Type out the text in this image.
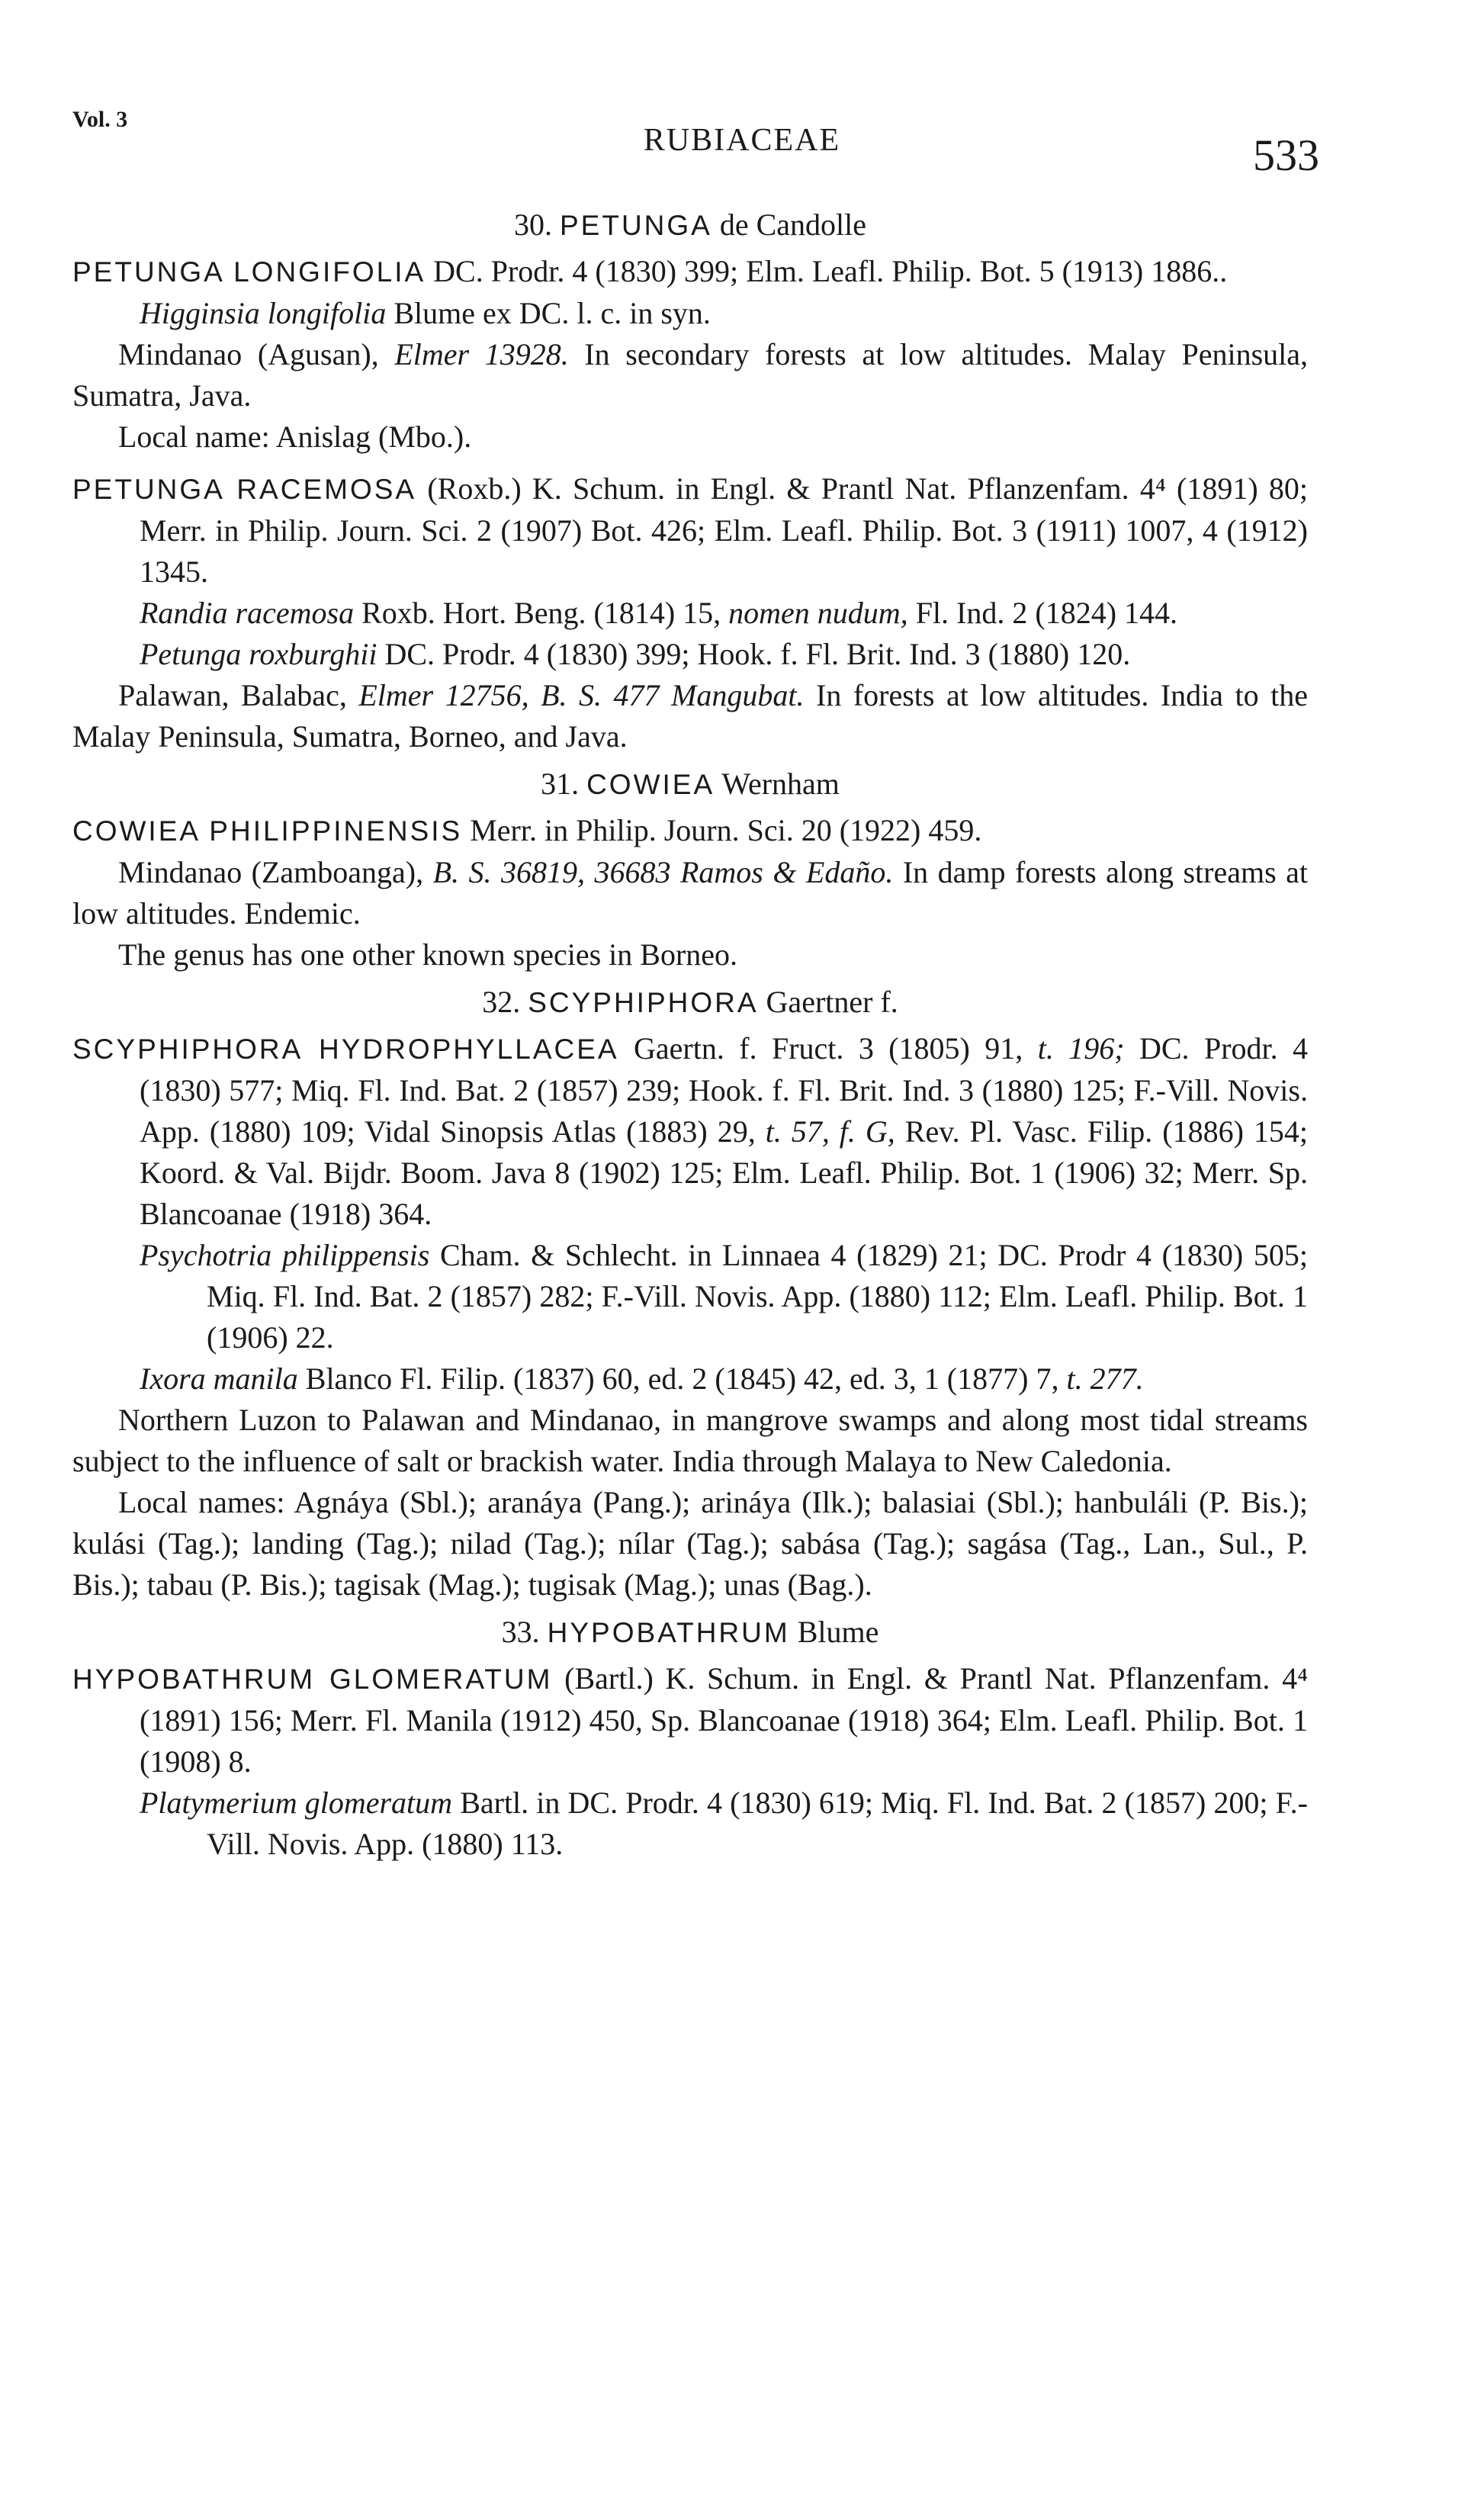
Vol. 3
RUBIACEAE	533
30. PETUNGA de Candolle
PETUNGA LONGIFOLIA DC. Prodr. 4 (1830) 399; Elm. Leafl. Philip. Bot. 5 (1913) 1886..
Higginsia longifolia Blume ex DC. l. c. in syn.
Mindanao (Agusan), Elmer 13928. In secondary forests at low altitudes. Malay Peninsula, Sumatra, Java.
Local name: Anislag (Mbo.).
PETUNGA RACEMOSA (Roxb.) K. Schum. in Engl. & Prantl Nat. Pflanzenfam. 4⁴ (1891) 80; Merr. in Philip. Journ. Sci. 2 (1907) Bot. 426; Elm. Leafl. Philip. Bot. 3 (1911) 1007, 4 (1912) 1345.
Randia racemosa Roxb. Hort. Beng. (1814) 15, nomen nudum, Fl. Ind. 2 (1824) 144.
Petunga roxburghii DC. Prodr. 4 (1830) 399; Hook. f. Fl. Brit. Ind. 3 (1880) 120.
Palawan, Balabac, Elmer 12756, B. S. 477 Mangubat. In forests at low altitudes. India to the Malay Peninsula, Sumatra, Borneo, and Java.
31. COWIEA Wernham
COWIEA PHILIPPINENSIS Merr. in Philip. Journ. Sci. 20 (1922) 459.
Mindanao (Zamboanga), B. S. 36819, 36683 Ramos & Edaño. In damp forests along streams at low altitudes. Endemic.
The genus has one other known species in Borneo.
32. SCYPHIPHORA Gaertner f.
SCYPHIPHORA HYDROPHYLLACEA Gaertn. f. Fruct. 3 (1805) 91, t. 196; DC. Prodr. 4 (1830) 577; Miq. Fl. Ind. Bat. 2 (1857) 239; Hook. f. Fl. Brit. Ind. 3 (1880) 125; F.-Vill. Novis. App. (1880) 109; Vidal Sinopsis Atlas (1883) 29, t. 57, f. G, Rev. Pl. Vasc. Filip. (1886) 154; Koord. & Val. Bijdr. Boom. Java 8 (1902) 125; Elm. Leafl. Philip. Bot. 1 (1906) 32; Merr. Sp. Blancoanae (1918) 364.
Psychotria philippensis Cham. & Schlecht. in Linnaea 4 (1829) 21; DC. Prodr 4 (1830) 505; Miq. Fl. Ind. Bat. 2 (1857) 282; F.-Vill. Novis. App. (1880) 112; Elm. Leafl. Philip. Bot. 1 (1906) 22.
Ixora manila Blanco Fl. Filip. (1837) 60, ed. 2 (1845) 42, ed. 3, 1 (1877) 7, t. 277.
Northern Luzon to Palawan and Mindanao, in mangrove swamps and along most tidal streams subject to the influence of salt or brackish water. India through Malaya to New Caledonia.
Local names: Agnáya (Sbl.); aranáya (Pang.); arináya (Ilk.); balasiai (Sbl.); hanbuláli (P. Bis.); kulási (Tag.); landing (Tag.); nilad (Tag.); nílar (Tag.); sabása (Tag.); sagása (Tag., Lan., Sul., P. Bis.); tabau (P. Bis.); tagisak (Mag.); tugisak (Mag.); unas (Bag.).
33. HYPOBATHRUM Blume
HYPOBATHRUM GLOMERATUM (Bartl.) K. Schum. in Engl. & Prantl Nat. Pflanzenfam. 4⁴ (1891) 156; Merr. Fl. Manila (1912) 450, Sp. Blancoanae (1918) 364; Elm. Leafl. Philip. Bot. 1 (1908) 8.
Platymerium glomeratum Bartl. in DC. Prodr. 4 (1830) 619; Miq. Fl. Ind. Bat. 2 (1857) 200; F.-Vill. Novis. App. (1880) 113.
